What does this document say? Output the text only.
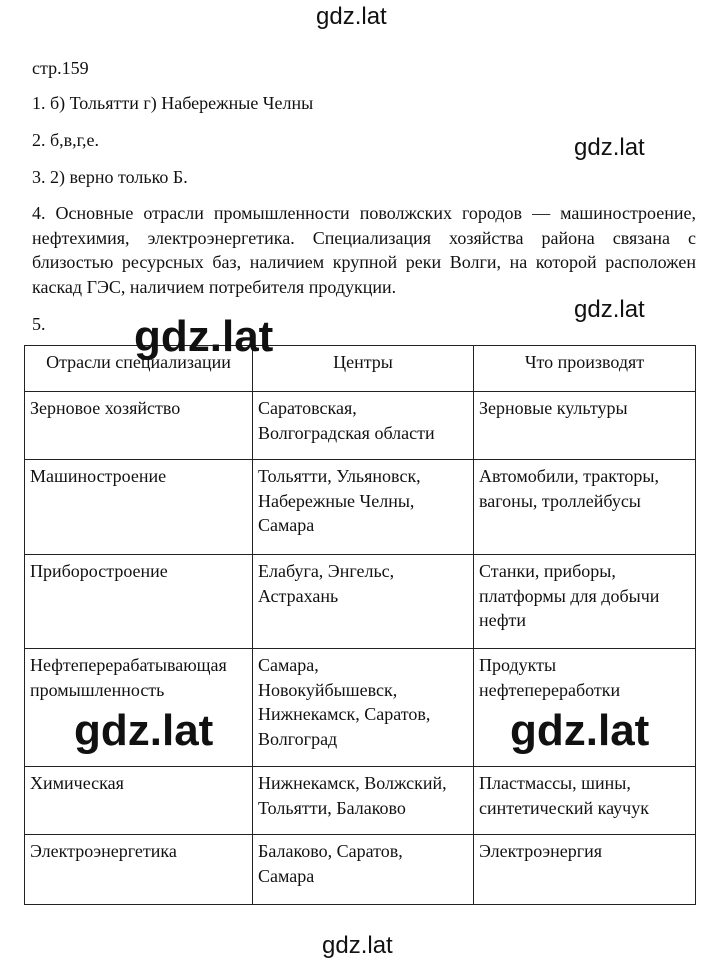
стр.159
1. б) Тольятти г) Набережные Челны
2. б,в,г,е.
3. 2) верно только Б.
4. Основные отрасли промышленности поволжских городов — машиностроение, нефтехимия, электроэнергетика. Специализация хозяйства района связана с близостью ресурсных баз, наличием крупной реки Волги, на которой расположен каскад ГЭС, наличием потребителя продукции.
5.
Отрасли специализации	Центры	Что производят

Зерновое хозяйство	Саратовская,
Волгоградская области	Зерновые культуры

Машиностроение	Тольятти, Ульяновск,
Набережные Челны,
Самара	Автомобили, тракторы,
вагоны, троллейбусы

Приборостроение	Елабуга, Энгельс,
Астрахань	Станки, приборы,
платформы для добычи
нефти

Нефтеперерабатывающая
промышленность	Самара,
Новокуйбышевск,
Нижнекамск, Саратов,
Волгоград	Продукты
нефтепереработки

Химическая	Нижнекамск, Волжский,
Тольятти, Балаково	Пластмассы, шины,
синтетический каучук

Электроэнергетика	Балаково, Саратов,
Самара	Электроэнергия
gdz.lat
gdz.lat
gdz.lat
gdz.lat
gdz.lat	gdz.lat
gdz.lat
